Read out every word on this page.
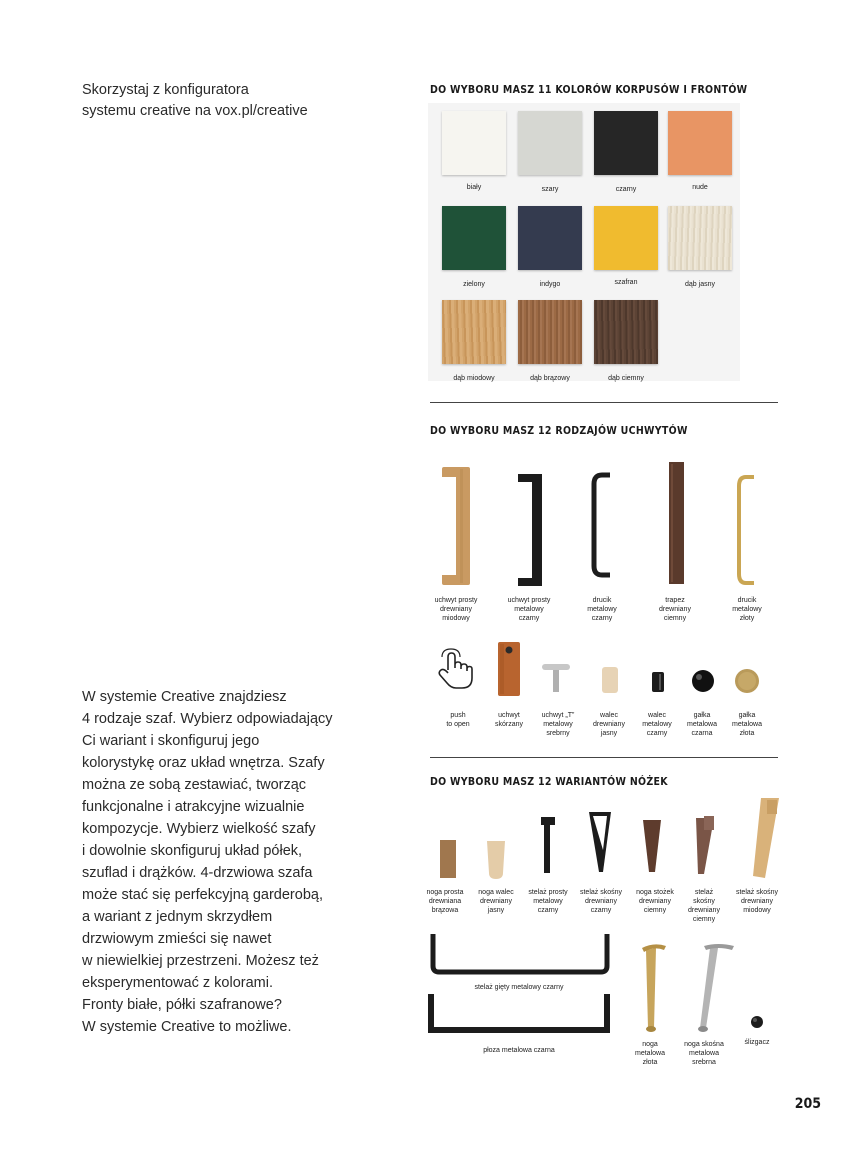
Skorzystaj z konfiguratora
systemu creative na vox.pl/creative
DO WYBORU MASZ 11 KOLORÓW KORPUSÓW I FRONTÓW
biały	szary	czarny	nude
zielony	indygo	szafran	dąb jasny
dąb miodowy	dąb brązowy	dąb ciemny
DO WYBORU MASZ 12 RODZAJÓW UCHWYTÓW
uchwyt prosty
drewniany
miodowy
uchwyt prosty
metalowy
czarny
drucik
metalowy
czarny
trapez
drewniany
ciemny
drucik
metalowy
złoty
push
to open
uchwyt
skórzany
uchwyt „T”
metalowy
srebrny
walec
drewniany
jasny
walec
metalowy
czarny
gałka
metalowa
czarna
gałka
metalowa
złota
DO WYBORU MASZ 12 WARIANTÓW NÓŻEK
noga prosta
drewniana
brązowa
noga walec
drewniany
jasny
stelaż prosty
metalowy
czarny
stelaż skośny
drewniany
czarny
noga stożek
drewniany
ciemny
stelaż
skośny
drewniany
ciemny
stelaż skośny
drewniany
miodowy
stelaż gięty metalowy czarny
płoza metalowa czarna
noga
metalowa
złota
noga skośna
metalowa
srebrna
ślizgacz
W systemie Creative znajdziesz
4 rodzaje szaf. Wybierz odpowiadający
Ci wariant i skonfiguruj jego
kolorystykę oraz układ wnętrza. Szafy
można ze sobą zestawiać, tworząc
funkcjonalne i atrakcyjne wizualnie
kompozycje. Wybierz wielkość szafy
i dowolnie skonfiguruj układ półek,
szuflad i drążków. 4-drzwiowa szafa
może stać się perfekcyjną garderobą,
a wariant z jednym skrzydłem
drzwiowym zmieści się nawet
w niewielkiej przestrzeni. Możesz też
eksperymentować z kolorami.
Fronty białe, półki szafranowe?
W systemie Creative to możliwe.
205
